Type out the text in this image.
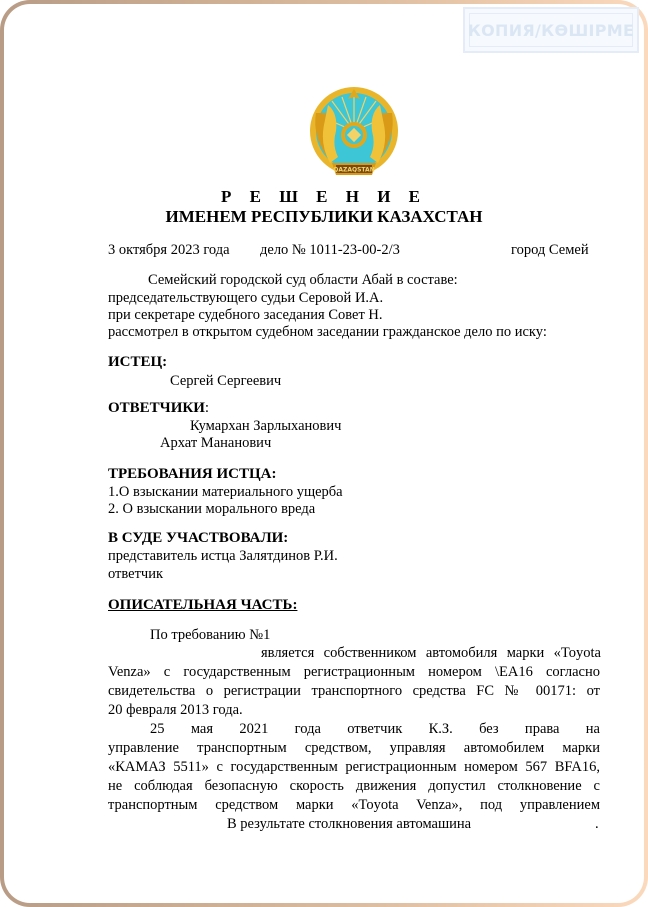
КОПИЯ/КӨШІРМЕ
QAZAQSTAN
Р Е Ш Е Н И Е
ИМЕНЕМ РЕСПУБЛИКИ КАЗАХСТАН
3 октября 2023 года дело № 1011-23-00-2/3	город Семей
Семейский городской суд области Абай в составе:
председательствующего судьи Серовой И.А.
при секретаре судебного заседания Совет Н.
рассмотрел в открытом судебном заседании гражданское дело по иску:
ИСТЕЦ:
Сергей Сергеевич
ОТВЕТЧИКИ:
Кумархан Зарлыханович
Архат Мананович
ТРЕБОВАНИЯ ИСТЦА:
1.О взыскании материального ущерба
2. О взыскании морального вреда
В СУДЕ УЧАСТВОВАЛИ:
представитель истца Залятдинов Р.И.
ответчик
ОПИСАТЕЛЬНАЯ ЧАСТЬ:
По требованию №1
является собственником автомобиля марки «Toyota
Venza» с государственным регистрационным номером \EA16 согласно
свидетельства о регистрации транспортного средства FC № 00171: от
20 февраля 2013 года.
25 мая 2021 года ответчик К.З. без права на
управление транспортным средством, управляя автомобилем марки
«КАМАЗ 5511» с государственным регистрационным номером 567 BFA16,
не соблюдая безопасную скорость движения допустил столкновение с
транспортным средством марки «Toyota Venza», под управлением
В результате столкновения автомашина	.
